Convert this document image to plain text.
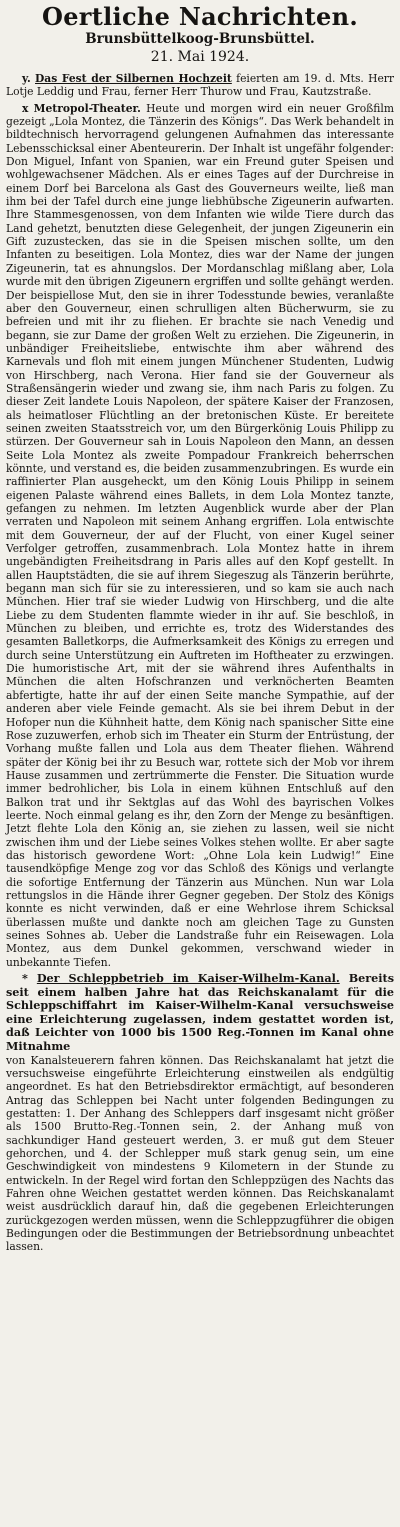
Oertliche Nachrichten.
Brunsbüttelkoog-Brunsbüttel.
21. Mai 1924.

y. Das Fest der Silbernen Hochzeit feierten am 19. d. Mts. Herr Lotje Leddig und Frau, ferner Herr Thurow und Frau, Kautzstraße.

x Metropol-Theater. Heute und morgen wird ein neuer Großfilm gezeigt „Lola Montez, die Tänzerin des Königs“. Das Werk behandelt in bildtechnisch hervorragend gelungenen Aufnahmen das interessante Lebensschicksal einer Abenteurerin. Der Inhalt ist ungefähr folgender: Don Miguel, Infant von Spanien, war ein Freund guter Speisen und wohlgewachsener Mädchen. Als er eines Tages auf der Durchreise in einem Dorf bei Barcelona als Gast des Gouverneurs weilte, ließ man ihm bei der Tafel durch eine junge liebhübsche Zigeunerin aufwarten. Ihre Stammesgenossen, von dem Infanten wie wilde Tiere durch das Land gehetzt, benutzten diese Gelegenheit, der jungen Zigeunerin ein Gift zuzustecken, das sie in die Speisen mischen sollte, um den Infanten zu beseitigen. Lola Montez, dies war der Name der jungen Zigeunerin, tat es ahnungslos. Der Mordanschlag mißlang aber, Lola wurde mit den übrigen Zigeunern ergriffen und sollte gehängt werden. Der beispiellose Mut, den sie in ihrer Todesstunde bewies, veranlaßte aber den Gouverneur, einen schrulligen alten Bücherwurm, sie zu befreien und mit ihr zu fliehen. Er brachte sie nach Venedig und begann, sie zur Dame der großen Welt zu erziehen. Die Zigeunerin, in unbändiger Freiheitsliebe, entwischte ihm aber während des Karnevals und floh mit einem jungen Münchener Studenten, Ludwig von Hirschberg, nach Verona. Hier fand sie der Gouverneur als Straßensängerin wieder und zwang sie, ihm nach Paris zu folgen. Zu dieser Zeit landete Louis Napoleon, der spätere Kaiser der Franzosen, als heimatloser Flüchtling an der bretonischen Küste. Er bereitete seinen zweiten Staatsstreich vor, um den Bürgerkönig Louis Philipp zu stürzen. Der Gouverneur sah in Louis Napoleon den Mann, an dessen Seite Lola Montez als zweite Pompadour Frankreich beherrschen könnte, und verstand es, die beiden zusammenzubringen. Es wurde ein raffinierter Plan ausgeheckt, um den König Louis Philipp in seinem eigenen Palaste während eines Ballets, in dem Lola Montez tanzte, gefangen zu nehmen. Im letzten Augenblick wurde aber der Plan verraten und Napoleon mit seinem Anhang ergriffen. Lola entwischte mit dem Gouverneur, der auf der Flucht, von einer Kugel seiner Verfolger getroffen, zusammenbrach. Lola Montez hatte in ihrem ungebändigten Freiheitsdrang in Paris alles auf den Kopf gestellt. In allen Hauptstädten, die sie auf ihrem Siegeszug als Tänzerin berührte, begann man sich für sie zu interessieren, und so kam sie auch nach München. Hier traf sie wieder Ludwig von Hirschberg, und die alte Liebe zu dem Studenten flammte wieder in ihr auf. Sie beschloß, in München zu bleiben, und errichte es, trotz des Widerstandes des gesamten Balletkorps, die Aufmerksamkeit des Königs zu erregen und durch seine Unterstützung ein Auftreten im Hoftheater zu erzwingen. Die humoristische Art, mit der sie während ihres Aufenthalts in München die alten Hofschranzen und verknöcherten Beamten abfertigte, hatte ihr auf der einen Seite manche Sympathie, auf der anderen aber viele Feinde gemacht. Als sie bei ihrem Debut in der Hofoper nun die Kühnheit hatte, dem König nach spanischer Sitte eine Rose zuzuwerfen, erhob sich im Theater ein Sturm der Entrüstung, der Vorhang mußte fallen und Lola aus dem Theater fliehen. Während später der König bei ihr zu Besuch war, rottete sich der Mob vor ihrem Hause zusammen und zertrümmerte die Fenster. Die Situation wurde immer bedrohlicher, bis Lola in einem kühnen Entschluß auf den Balkon trat und ihr Sektglas auf das Wohl des bayrischen Volkes leerte. Noch einmal gelang es ihr, den Zorn der Menge zu besänftigen. Jetzt flehte Lola den König an, sie ziehen zu lassen, weil sie nicht zwischen ihm und der Liebe seines Volkes stehen wollte. Er aber sagte das historisch gewordene Wort: „Ohne Lola kein Ludwig!“ Eine tausendköpfige Menge zog vor das Schloß des Königs und verlangte die sofortige Entfernung der Tänzerin aus München. Nun war Lola rettungslos in die Hände ihrer Gegner gegeben. Der Stolz des Königs konnte es nicht verwinden, daß er eine Wehrlose ihrem Schicksal überlassen mußte und dankte noch am gleichen Tage zu Gunsten seines Sohnes ab. Ueber die Landstraße fuhr ein Reisewagen. Lola Montez, aus dem Dunkel gekommen, verschwand wieder in unbekannte Tiefen.

* Der Schleppbetrieb im Kaiser-Wilhelm-Kanal. Bereits seit einem halben Jahre hat das Reichskanalamt für die Schleppschiffahrt im Kaiser-Wilhelm-Kanal versuchsweise eine Erleichterung zugelassen, indem gestattet worden ist, daß Leichter von 1000 bis 1500 Reg.-Tonnen im Kanal ohne Mitnahme

von Kanalsteuerern fahren können. Das Reichskanalamt hat jetzt die versuchsweise eingeführte Erleichterung einstweilen als endgültig angeordnet. Es hat den Betriebsdirektor ermächtigt, auf besonderen Antrag das Schleppen bei Nacht unter folgenden Bedingungen zu gestatten: 1. Der Anhang des Schleppers darf insgesamt nicht größer als 1500 Brutto-Reg.-Tonnen sein, 2. der Anhang muß von sachkundiger Hand gesteuert werden, 3. er muß gut dem Steuer gehorchen, und 4. der Schlepper muß stark genug sein, um eine Geschwindigkeit von mindestens 9 Kilometern in der Stunde zu entwickeln. In der Regel wird fortan den Schleppzügen des Nachts das Fahren ohne Weichen gestattet werden können. Das Reichskanalamt weist ausdrücklich darauf hin, daß die gegebenen Erleichterungen zurückgezogen werden müssen, wenn die Schleppzugführer die obigen Bedingungen oder die Bestimmungen der Betriebsordnung unbeachtet lassen.
